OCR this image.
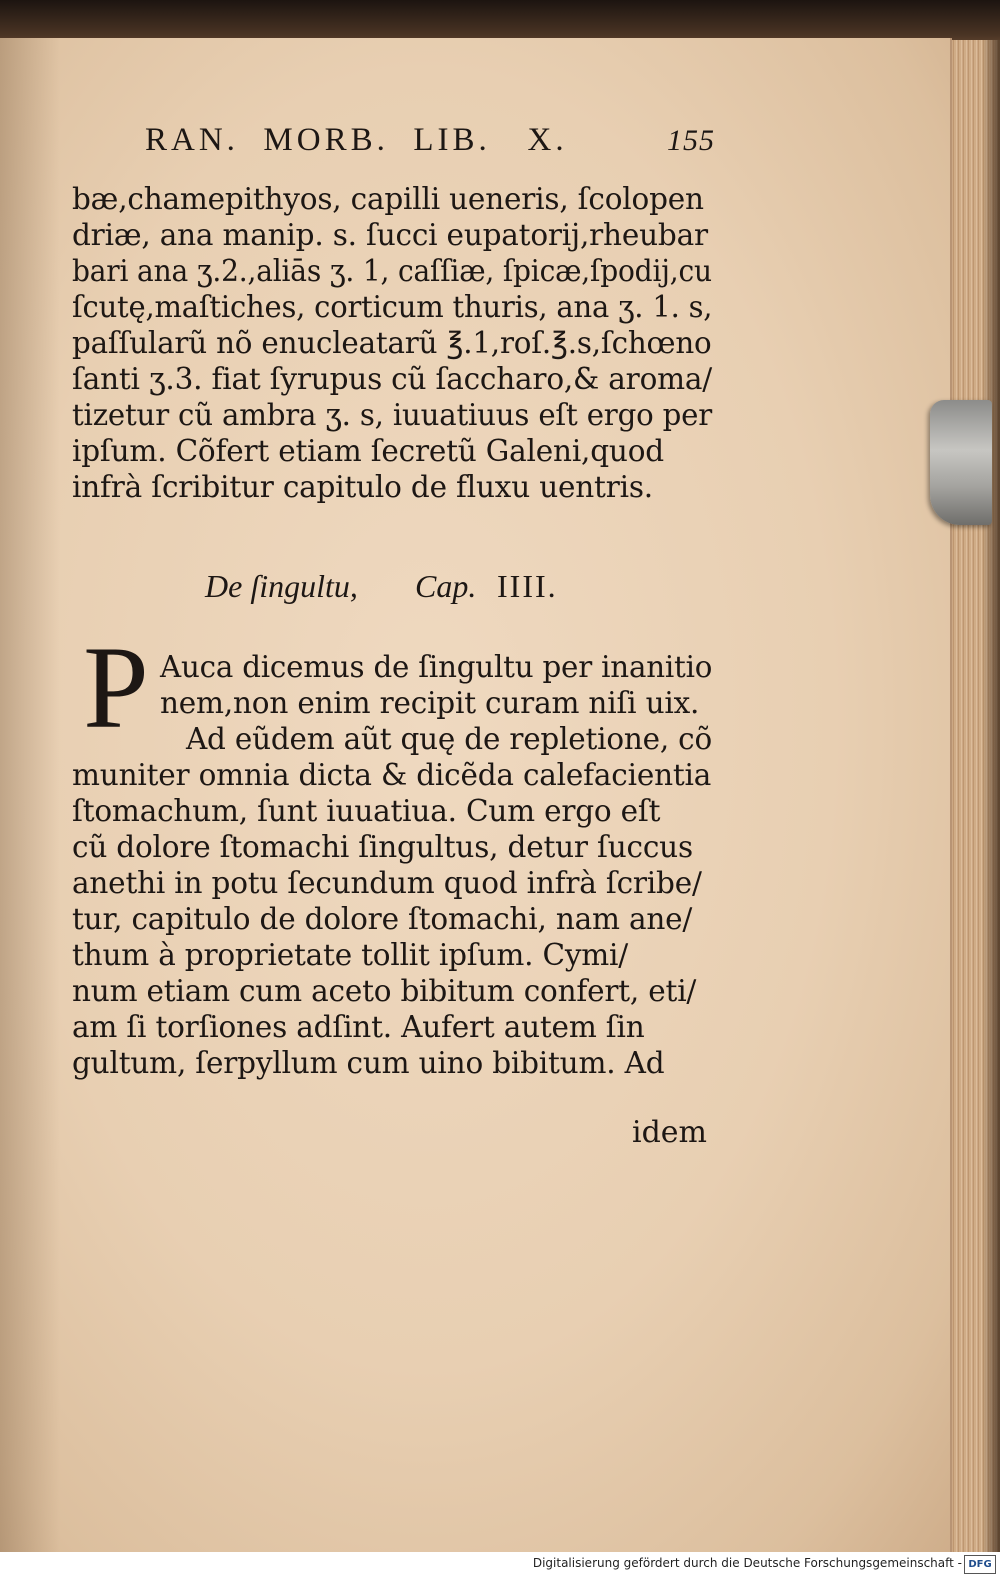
RAN.  MORB.  LIB.   X.	155
bæ,chamepithyos, capilli ueneris, ſcolopen
driæ, ana manip. s. ſucci eupatorij,rheubar
bari ana ʒ.2.,aliās ʒ. 1, caſſiæ, ſpicæ,ſpodij,cu
ſcutę,maſtiches, corticum thuris, ana ʒ. 1. s,
paſſularũ nõ enucleatarũ ℥.1,roſ.℥.s,ſchœno
ſanti ʒ.3. fiat ſyrupus cũ ſaccharo,& aroma/
tizetur cũ ambra ʒ. s, iuuatiuus eſt ergo per
ipſum. Cõfert etiam ſecretũ Galeni,quod
infrà ſcribitur capitulo de fluxu uentris.
De ſingultu, Cap. IIII.
P Auca dicemus de ſingultu per inanitio
nem,non enim recipit curam niſi uix.
Ad eũdem aũt quę de repletione, cõ
muniter omnia dicta & dicẽda calefacientia
ſtomachum, ſunt iuuatiua. Cum ergo eſt
cũ dolore ſtomachi ſingultus, detur ſuccus
anethi in potu ſecundum quod infrà ſcribe/
tur, capitulo de dolore ſtomachi, nam ane/
thum à proprietate tollit ipſum. Cymi/
num etiam cum aceto bibitum confert, eti/
am ſi torſiones adſint. Aufert autem ſin
gultum, ſerpyllum cum uino bibitum. Ad
idem
Digitalisierung gefördert durch die Deutsche Forschungsgemeinschaft - DFG
